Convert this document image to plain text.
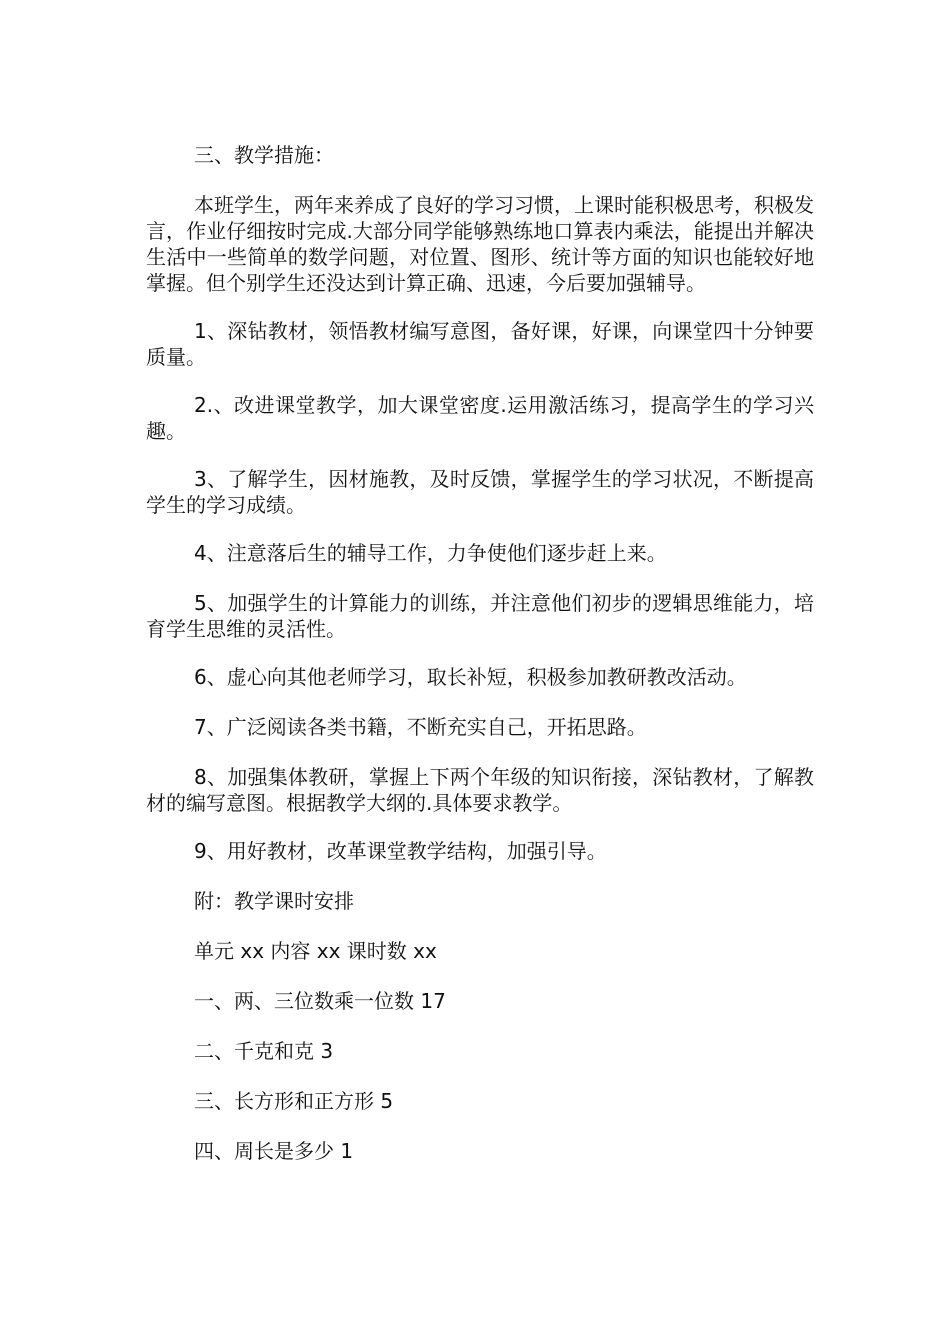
三、教学措施：

本班学生，两年来养成了良好的学习习惯，上课时能积极思考，积极发言，作业仔细按时完成.大部分同学能够熟练地口算表内乘法，能提出并解决生活中一些简单的数学问题，对位置、图形、统计等方面的知识也能较好地掌握。但个别学生还没达到计算正确、迅速，今后要加强辅导。

1、深钻教材，领悟教材编写意图，备好课，好课，向课堂四十分钟要质量。

2.、改进课堂教学，加大课堂密度.运用激活练习，提高学生的学习兴趣。

3、了解学生，因材施教，及时反馈，掌握学生的学习状况，不断提高学生的学习成绩。

4、注意落后生的辅导工作，力争使他们逐步赶上来。

5、加强学生的计算能力的训练，并注意他们初步的逻辑思维能力，培育学生思维的灵活性。

6、虚心向其他老师学习，取长补短，积极参加教研教改活动。

7、广泛阅读各类书籍，不断充实自己，开拓思路。

8、加强集体教研，掌握上下两个年级的知识衔接，深钻教材，了解教材的编写意图。根据教学大纲的.具体要求教学。

9、用好教材，改革课堂教学结构，加强引导。

附：教学课时安排

单元 xx 内容 xx 课时数 xx

一、两、三位数乘一位数 17

二、千克和克 3

三、长方形和正方形 5

四、周长是多少 1
